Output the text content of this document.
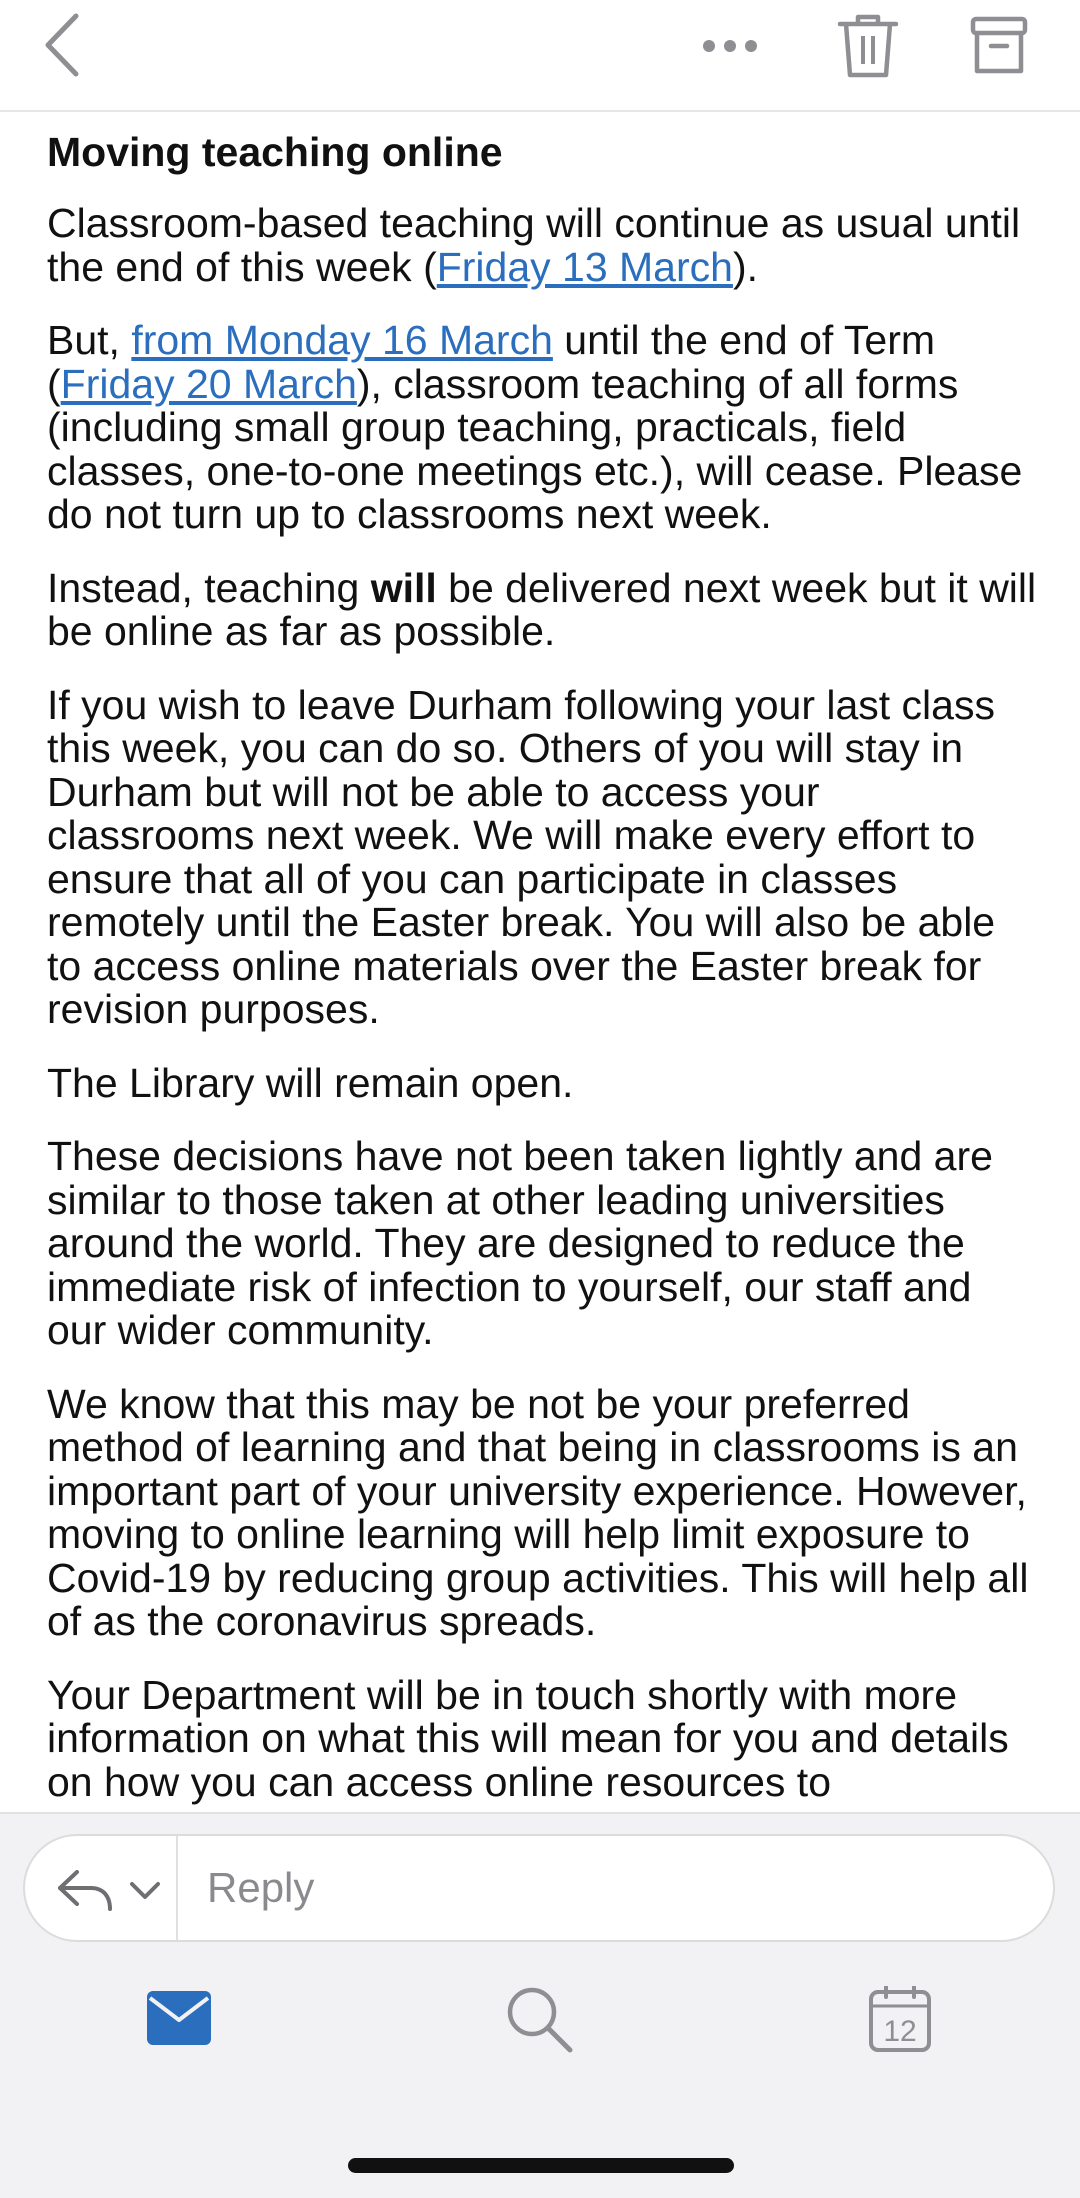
Moving teaching online
Classroom-based teaching will continue as usual until the end of this week (Friday 13 March).
But, from Monday 16 March until the end of Term (Friday 20 March), classroom teaching of all forms (including small group teaching, practicals, field classes, one-to-one meetings etc.), will cease. Please do not turn up to classrooms next week.
Instead, teaching will be delivered next week but it will be online as far as possible.
If you wish to leave Durham following your last class this week, you can do so. Others of you will stay in Durham but will not be able to access your classrooms next week. We will make every effort to ensure that all of you can participate in classes remotely until the Easter break. You will also be able to access online materials over the Easter break for revision purposes.
The Library will remain open.
These decisions have not been taken lightly and are similar to those taken at other leading universities around the world. They are designed to reduce the immediate risk of infection to yourself, our staff and our wider community.
We know that this may be not be your preferred method of learning and that being in classrooms is an important part of your university experience. However, moving to online learning will help limit exposure to Covid-19 by reducing group activities. This will help all of as the coronavirus spreads.
Your Department will be in touch shortly with more information on what this will mean for you and details on how you can access online resources to
Reply
12
